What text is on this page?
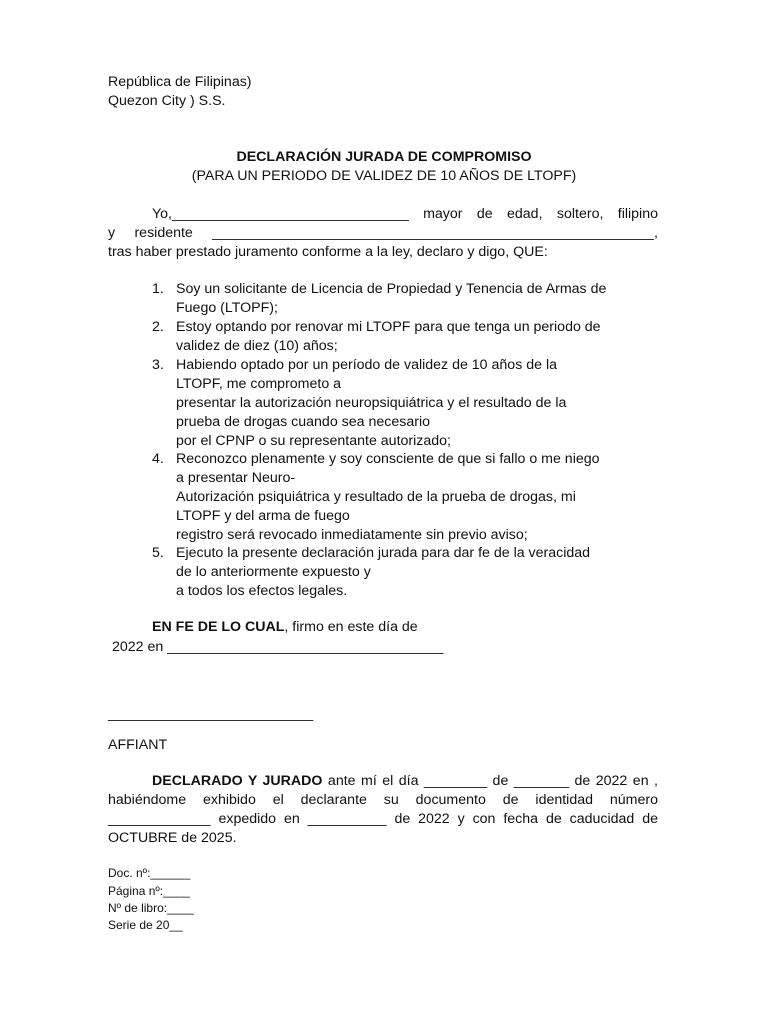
República de Filipinas)
Quezon City ) S.S.
DECLARACIÓN JURADA DE COMPROMISO
(PARA UN PERIODO DE VALIDEZ DE 10 AÑOS DE LTOPF)
Yo,______________________________ mayor de edad, soltero, filipino
y residente ________________________________________________________,
tras haber prestado juramento conforme a la ley, declaro y digo, QUE:
1. Soy un solicitante de Licencia de Propiedad y Tenencia de Armas de
Fuego (LTOPF);
2. Estoy optando por renovar mi LTOPF para que tenga un periodo de
validez de diez (10) años;
3. Habiendo optado por un período de validez de 10 años de la
LTOPF, me comprometo a
presentar la autorización neuropsiquiátrica y el resultado de la
prueba de drogas cuando sea necesario
por el CPNP o su representante autorizado;
4. Reconozco plenamente y soy consciente de que si fallo o me niego
a presentar Neuro-
Autorización psiquiátrica y resultado de la prueba de drogas, mi
LTOPF y del arma de fuego
registro será revocado inmediatamente sin previo aviso;
5. Ejecuto la presente declaración jurada para dar fe de la veracidad
de lo anteriormente expuesto y
a todos los efectos legales.
EN FE DE LO CUAL, firmo en este día de
2022 en ___________________________________
__________________________
AFFIANT
DECLARADO Y JURADO ante mí el día ________ de _______ de 2022 en ,
habiéndome exhibido el declarante su documento de identidad número
_____________ expedido en __________ de 2022 y con fecha de caducidad de
OCTUBRE de 2025.
Doc. nº:______
Página nº:____
Nº de libro:____
Serie de 20__
